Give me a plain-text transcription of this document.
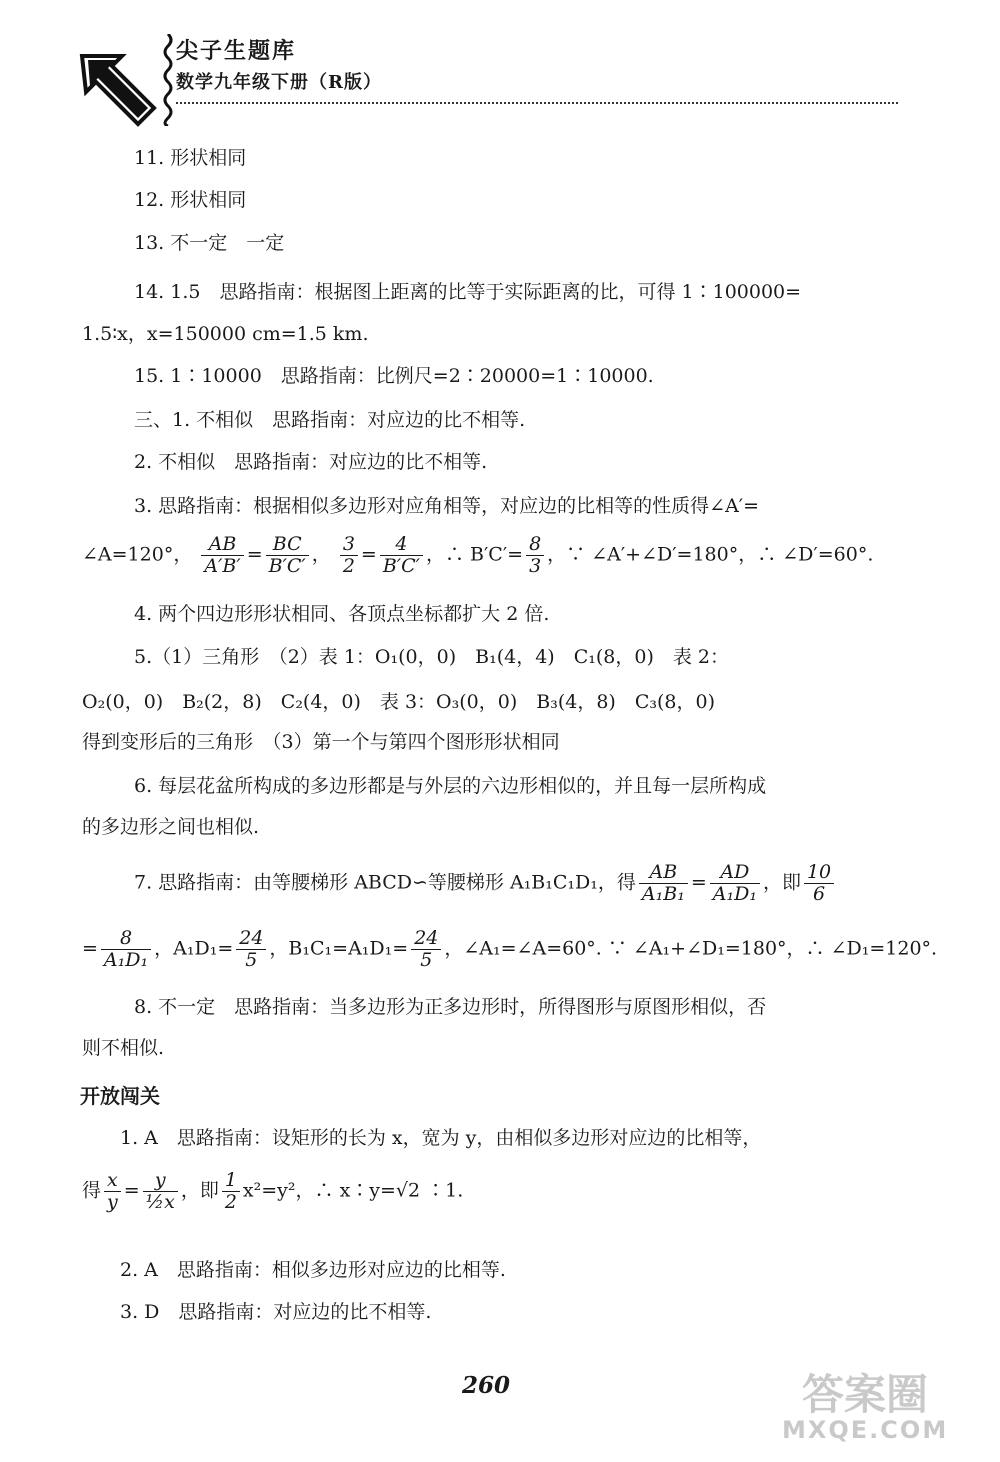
尖子生题库
数学九年级下册（R版）
11. 形状相同
12. 形状相同
13. 不一定　一定
14. 1.5　思路指南：根据图上距离的比等于实际距离的比，可得 1∶100000=
1.5∶x，x=150000 cm=1.5 km.
15. 1∶10000　思路指南：比例尺=2∶20000=1∶10000.
三、1. 不相似　思路指南：对应边的比不相等.
2. 不相似　思路指南：对应边的比不相等.
3. 思路指南：根据相似多边形对应角相等，对应边的比相等的性质得∠A′=
∠A=120°， $\frac{AB}{A'B'} = \frac{BC}{B'C'}$ ， $\frac{3}{2} = \frac{4}{B'C'}$ ，∴ $B'C'= \frac{8}{3}$ ，∵ ∠A′+∠D′=180°，∴ ∠D′=60°.
4. 两个四边形形状相同、各顶点坐标都扩大 2 倍.
5.（1）三角形　（2）表 1：O₁(0，0)　B₁(4，4)　C₁(8，0)　表 2：
O₂(0，0)　B₂(2，8)　C₂(4，0)　表 3：O₃(0，0)　B₃(4，8)　C₃(8，0)
得到变形后的三角形　（3）第一个与第四个图形形状相同
6. 每层花盆所构成的多边形都是与外层的六边形相似的，并且每一层所构成
的多边形之间也相似.
7. 思路指南：由等腰梯形 ABCD∽等腰梯形 A₁B₁C₁D₁，得 $\frac{AB}{\text{A₁B₁}} = \frac{AD}{\text{A₁D₁}}$ ，即 $\frac{10}{6}$
= $\frac{8}{\text{A₁D₁}}$ ，$A_1D_1= \frac{24}{5}$ ，$B_1C_1=A_1D_1= \frac{24}{5}$ ，∠A₁=∠A=60°. ∵ ∠A₁+∠D₁=180°，∴ ∠D₁=120°.
8. 不一定　思路指南：当多边形为正多边形时，所得图形与原图形相似，否
则不相似.
开放闯关
1. A　思路指南：设矩形的长为 x，宽为 y，由相似多边形对应边的比相等，
得 $\frac{x}{y} = \frac{y}{\text{½x}}$ ，即 $\frac{1}{2} x^2=y^2$，∴ x∶y=√2 ∶1.
2. A　思路指南：相似多边形对应边的比相等.
3. D　思路指南：对应边的比不相等.
260	答案圈
MXQE.COM
